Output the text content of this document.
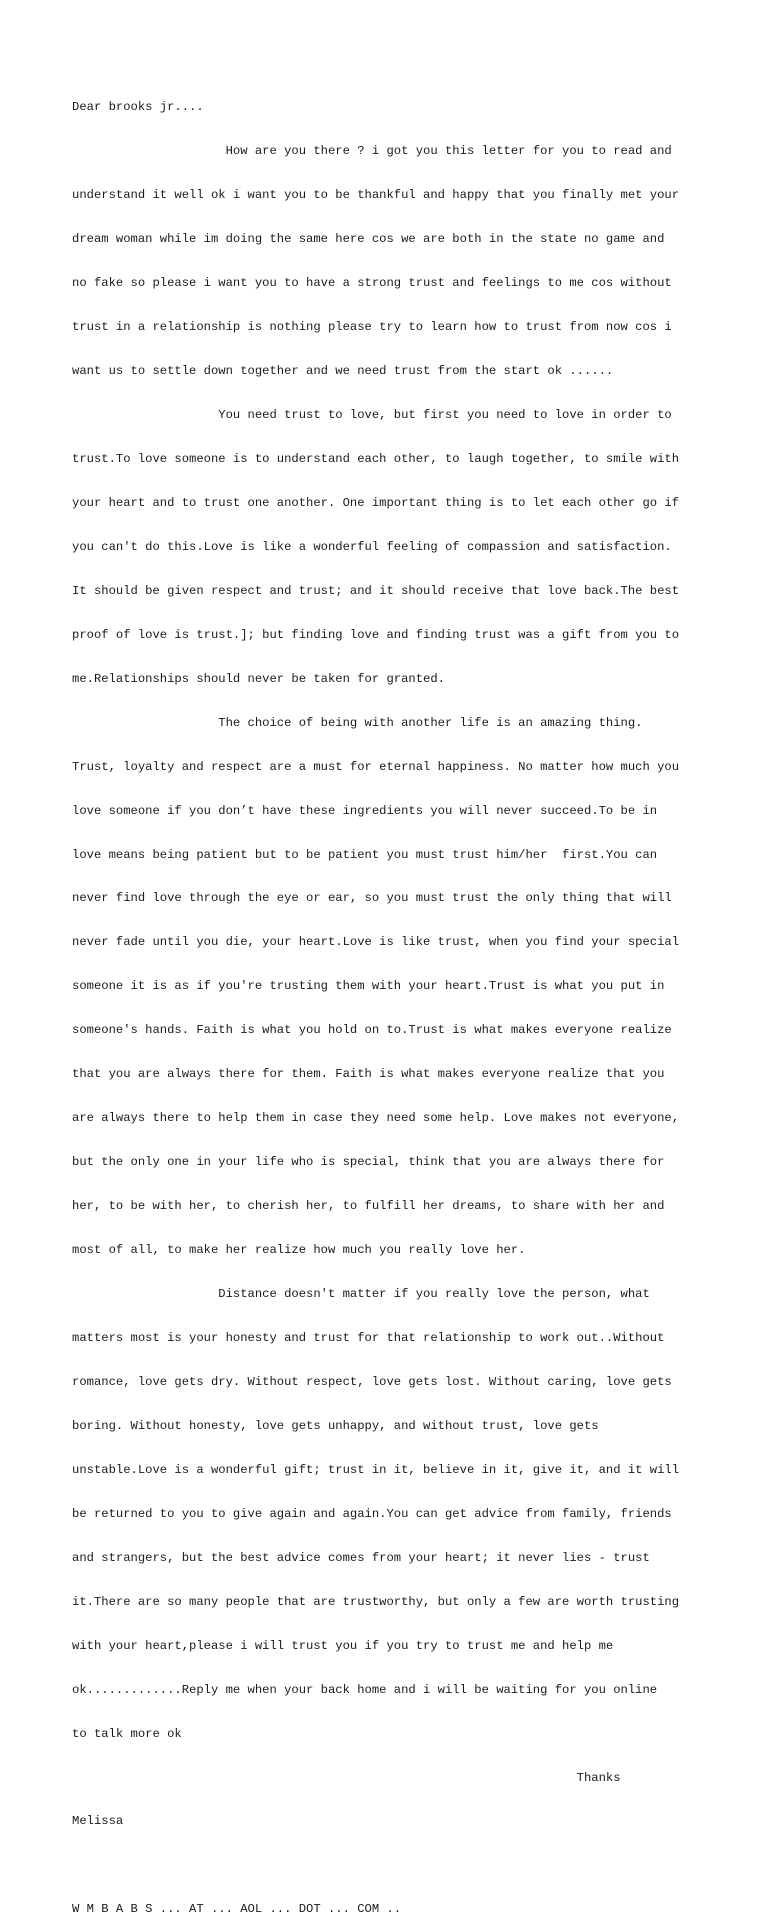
Dear brooks jr....

How are you there ? i got you this letter for you to read and

understand it well ok i want you to be thankful and happy that you finally met your

dream woman while im doing the same here cos we are both in the state no game and

no fake so please i want you to have a strong trust and feelings to me cos without

trust in a relationship is nothing please try to learn how to trust from now cos i

want us to settle down together and we need trust from the start ok ......

You need trust to love, but first you need to love in order to

trust.To love someone is to understand each other, to laugh together, to smile with

your heart and to trust one another. One important thing is to let each other go if

you can't do this.Love is like a wonderful feeling of compassion and satisfaction.

It should be given respect and trust; and it should receive that love back.The best

proof of love is trust.]; but finding love and finding trust was a gift from you to

me.Relationships should never be taken for granted.

The choice of being with another life is an amazing thing.

Trust, loyalty and respect are a must for eternal happiness. No matter how much you

love someone if you don’t have these ingredients you will never succeed.To be in

love means being patient but to be patient you must trust him/her  first.You can

never find love through the eye or ear, so you must trust the only thing that will

never fade until you die, your heart.Love is like trust, when you find your special

someone it is as if you're trusting them with your heart.Trust is what you put in

someone's hands. Faith is what you hold on to.Trust is what makes everyone realize

that you are always there for them. Faith is what makes everyone realize that you

are always there to help them in case they need some help. Love makes not everyone,

but the only one in your life who is special, think that you are always there for

her, to be with her, to cherish her, to fulfill her dreams, to share with her and

most of all, to make her realize how much you really love her.

Distance doesn't matter if you really love the person, what

matters most is your honesty and trust for that relationship to work out..Without

romance, love gets dry. Without respect, love gets lost. Without caring, love gets

boring. Without honesty, love gets unhappy, and without trust, love gets

unstable.Love is a wonderful gift; trust in it, believe in it, give it, and it will

be returned to you to give again and again.You can get advice from family, friends

and strangers, but the best advice comes from your heart; it never lies - trust

it.There are so many people that are trustworthy, but only a few are worth trusting

with your heart,please i will trust you if you try to trust me and help me

ok.............Reply me when your back home and i will be waiting for you online

to talk more ok

Thanks

Melissa

W M B A B S ... AT ... AOL ... DOT ... COM ..
